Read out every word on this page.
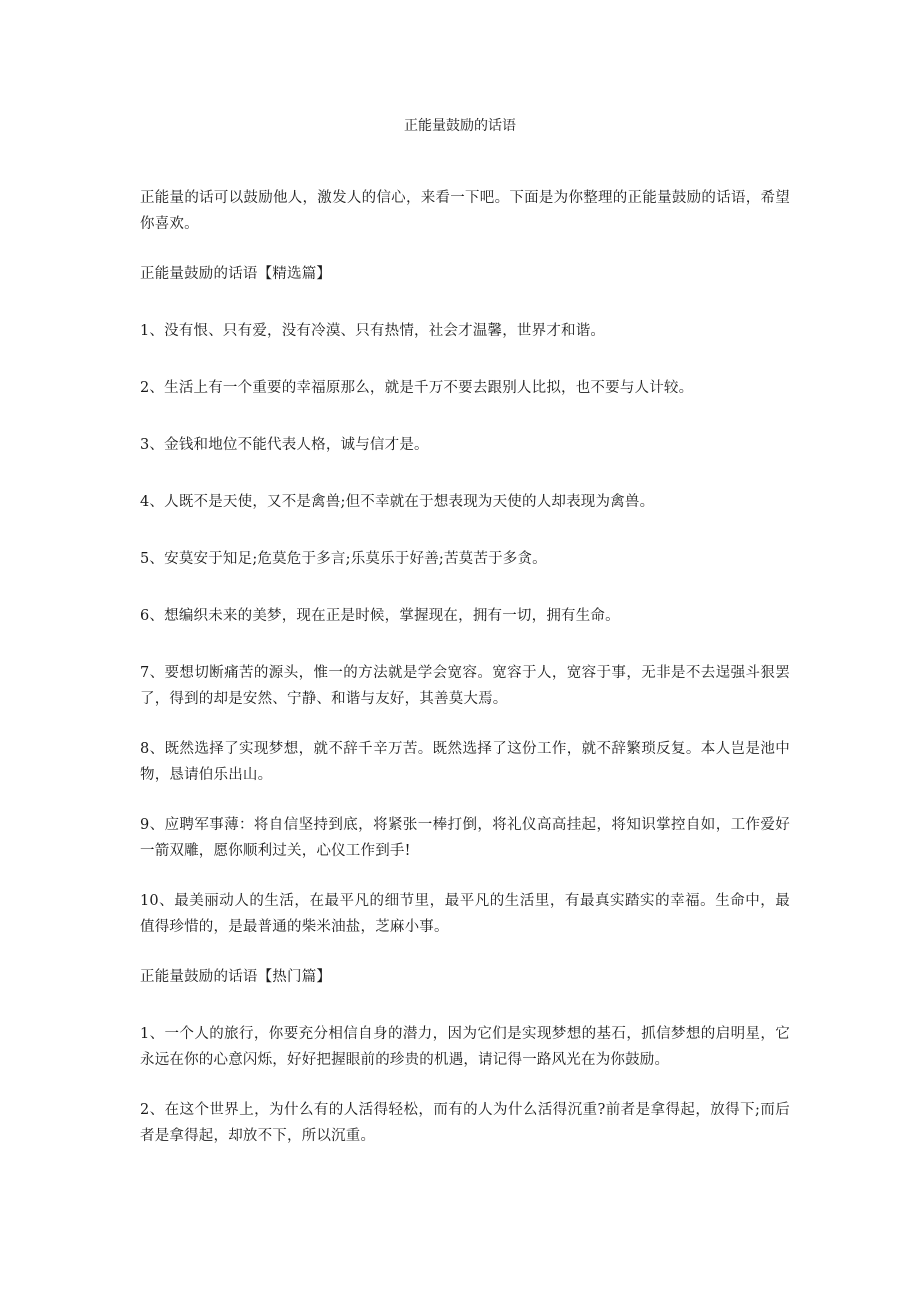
正能量鼓励的话语

正能量的话可以鼓励他人，激发人的信心，来看一下吧。下面是为你整理的正能量鼓励的话语，希望你喜欢。

正能量鼓励的话语【精选篇】

1、没有恨、只有爱，没有冷漠、只有热情，社会才温馨，世界才和谐。

2、生活上有一个重要的幸福原那么，就是千万不要去跟别人比拟，也不要与人计较。

3、金钱和地位不能代表人格，诚与信才是。

4、人既不是天使，又不是禽兽;但不幸就在于想表现为天使的人却表现为禽兽。

5、安莫安于知足;危莫危于多言;乐莫乐于好善;苦莫苦于多贪。

6、想编织未来的美梦，现在正是时候，掌握现在，拥有一切，拥有生命。

7、要想切断痛苦的源头，惟一的方法就是学会宽容。宽容于人，宽容于事，无非是不去逞强斗狠罢了，得到的却是安然、宁静、和谐与友好，其善莫大焉。

8、既然选择了实现梦想，就不辞千辛万苦。既然选择了这份工作，就不辞繁琐反复。本人岂是池中物，恳请伯乐出山。

9、应聘军事薄：将自信坚持到底，将紧张一棒打倒，将礼仪高高挂起，将知识掌控自如，工作爱好一箭双雕，愿你顺利过关，心仪工作到手!

10、最美丽动人的生活，在最平凡的细节里，最平凡的生活里，有最真实踏实的幸福。生命中，最值得珍惜的，是最普通的柴米油盐，芝麻小事。

正能量鼓励的话语【热门篇】

1、一个人的旅行，你要充分相信自身的潜力，因为它们是实现梦想的基石，抓信梦想的启明星，它永远在你的心意闪烁，好好把握眼前的珍贵的机遇，请记得一路风光在为你鼓励。

2、在这个世界上，为什么有的人活得轻松，而有的人为什么活得沉重?前者是拿得起，放得下;而后者是拿得起，却放不下，所以沉重。
